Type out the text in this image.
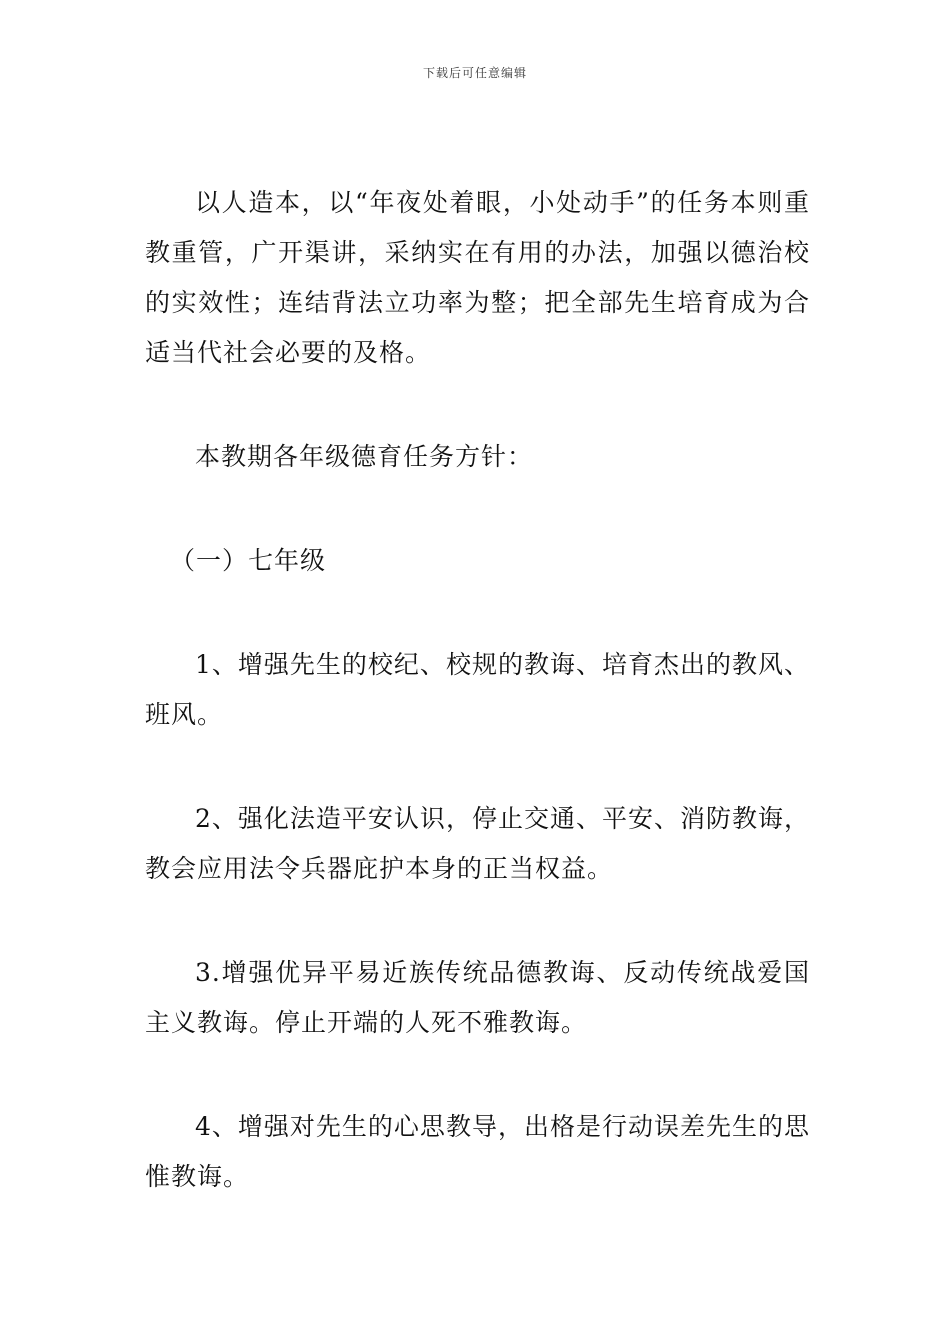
下载后可任意编辑

以人造本，以“年夜处着眼，小处动手”的任务本则重教重管，广开渠讲，采纳实在有用的办法，加强以德治校的实效性；连结背法立功率为整；把全部先生培育成为合适当代社会必要的及格。

本教期各年级德育任务方针：

（一）七年级

1、增强先生的校纪、校规的教诲、培育杰出的教风、班风。

2、强化法造平安认识，停止交通、平安、消防教诲，教会应用法令兵器庇护本身的正当权益。

3.增强优异平易近族传统品德教诲、反动传统战爱国主义教诲。停止开端的人死不雅教诲。

4、增强对先生的心思教导，出格是行动误差先生的思惟教诲。
